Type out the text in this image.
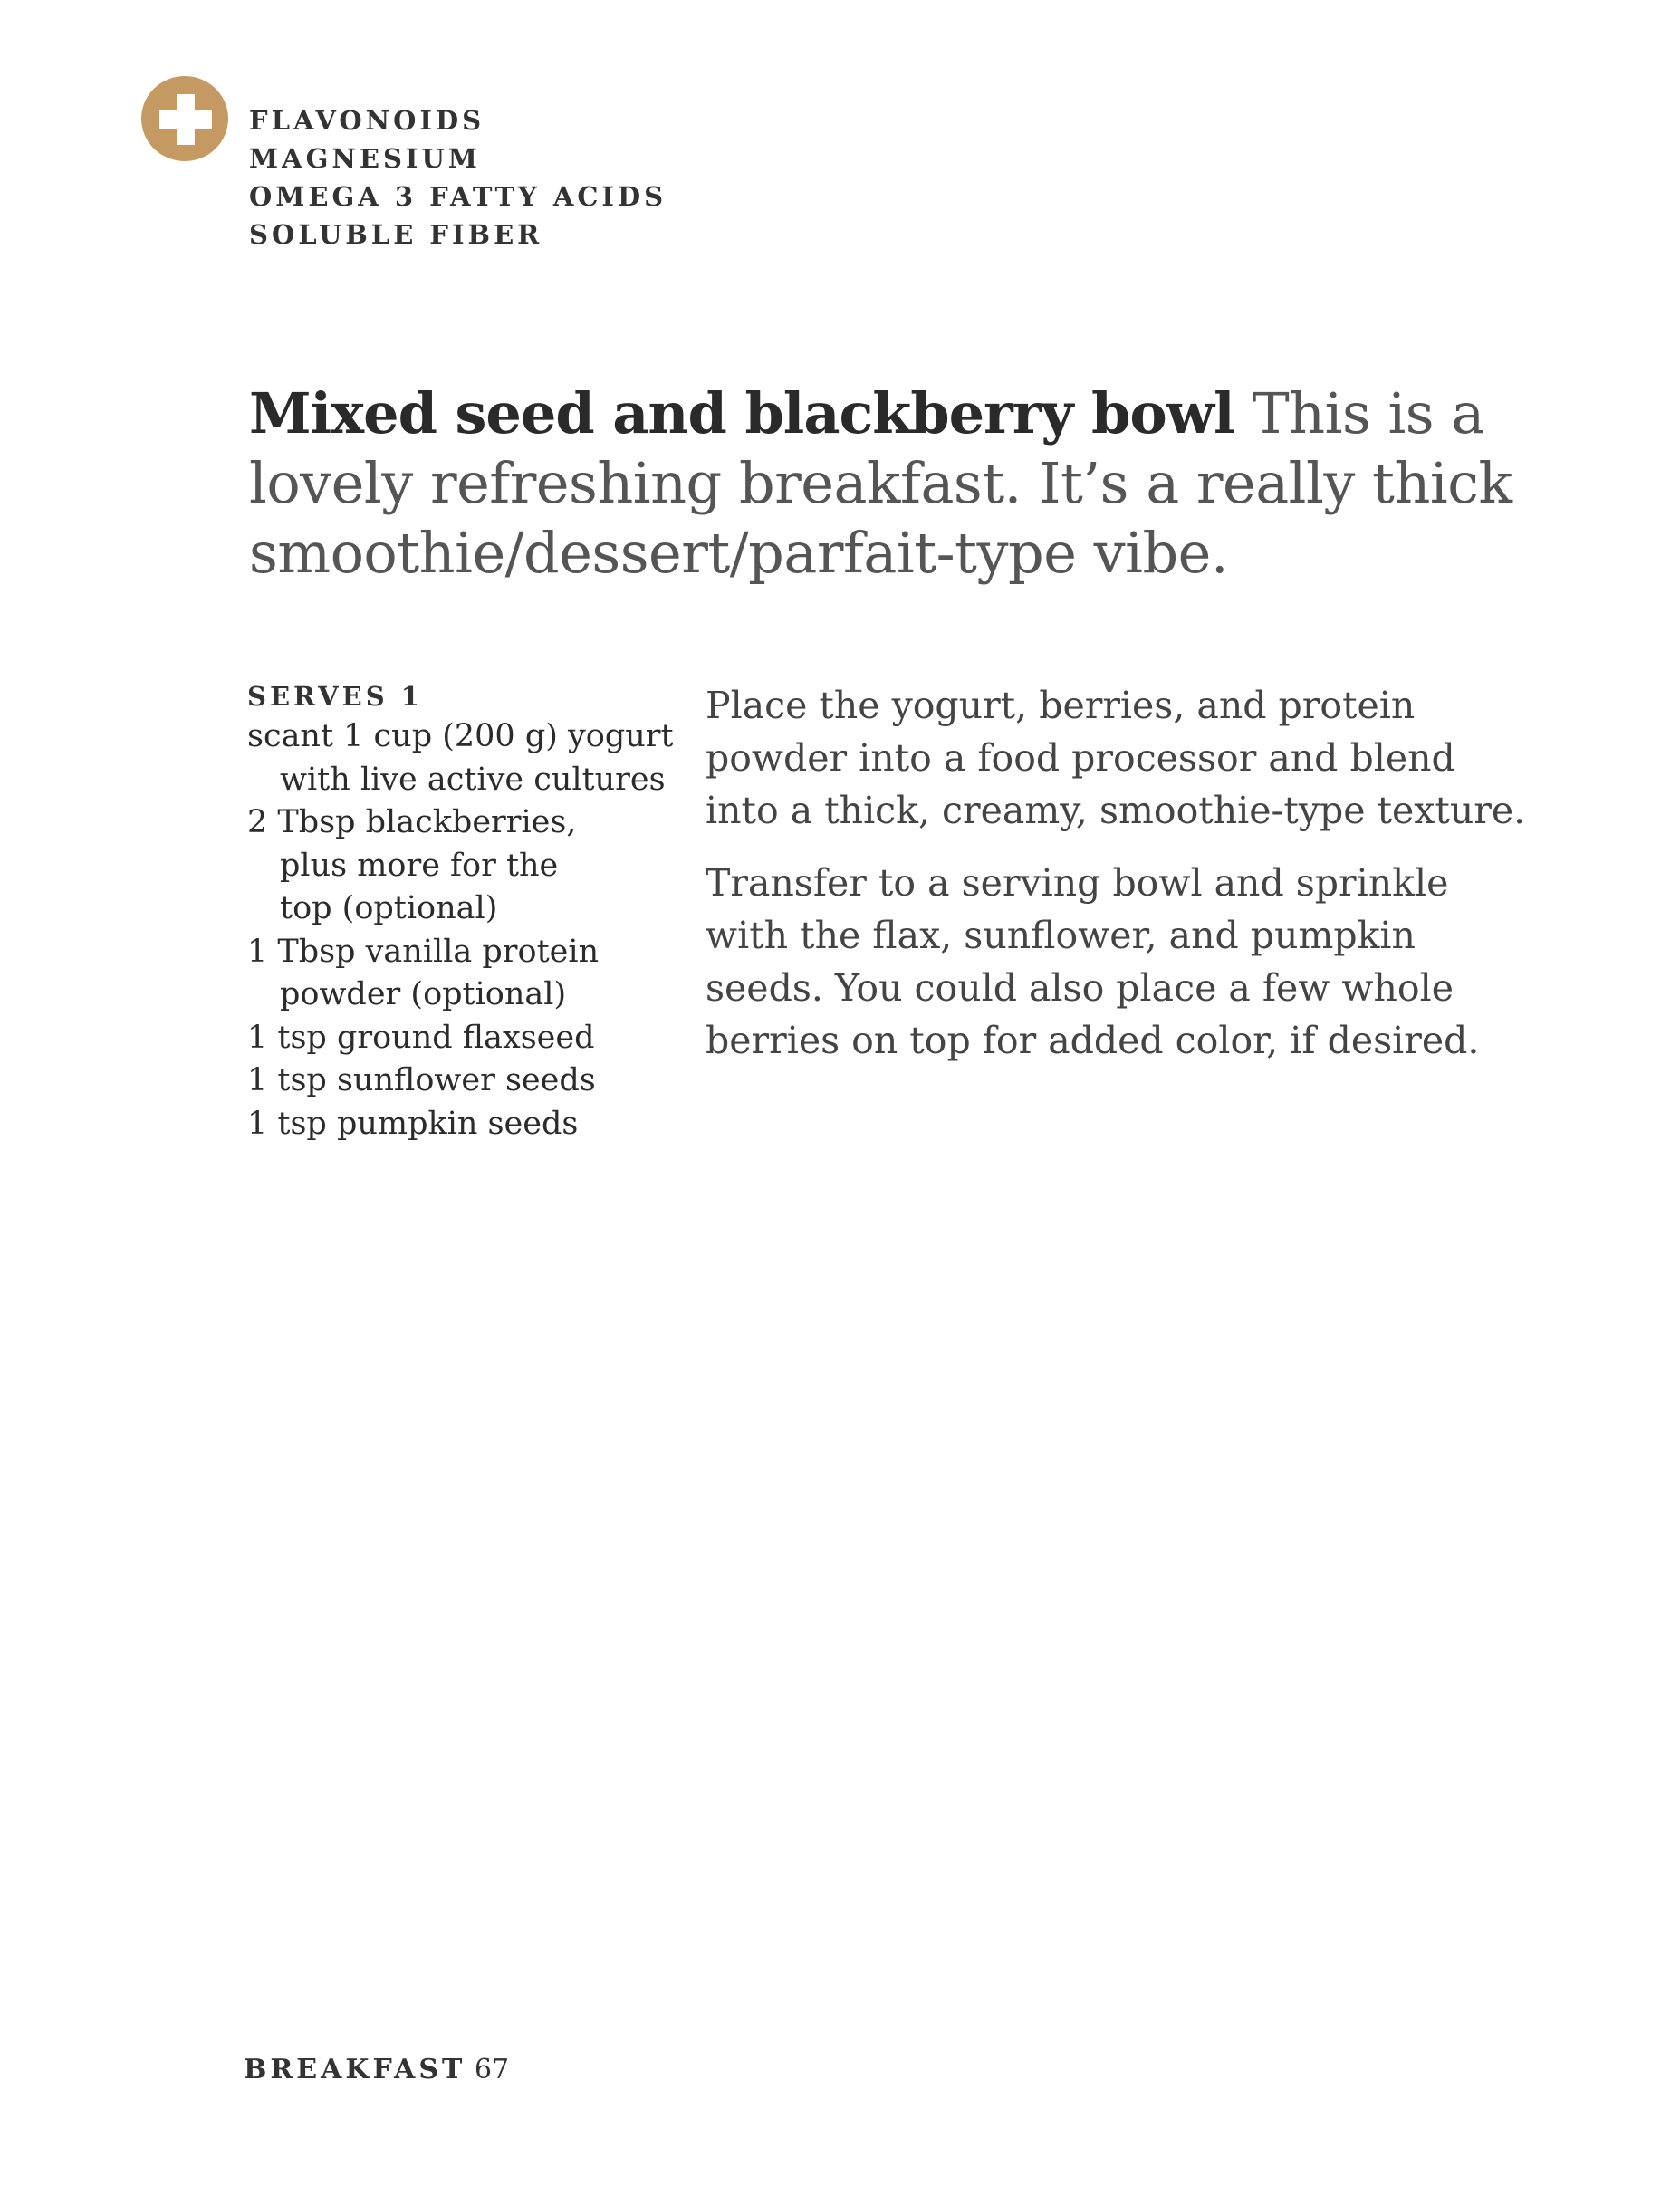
FLAVONOIDS
MAGNESIUM
OMEGA 3 FATTY ACIDS
SOLUBLE FIBER
Mixed seed and blackberry bowl This is a lovely refreshing breakfast. It’s a really thick smoothie/dessert/parfait-type vibe.
SERVES 1
scant 1 cup (200 g) yogurt
with live active cultures
2 Tbsp blackberries,
plus more for the
top (optional)
1 Tbsp vanilla protein
powder (optional)
1 tsp ground flaxseed
1 tsp sunflower seeds
1 tsp pumpkin seeds

Place the yogurt, berries, and protein powder into a food processor and blend into a thick, creamy, smoothie-type texture.

Transfer to a serving bowl and sprinkle with the flax, sunflower, and pumpkin seeds. You could also place a few whole berries on top for added color, if desired.

BREAKFAST 67
